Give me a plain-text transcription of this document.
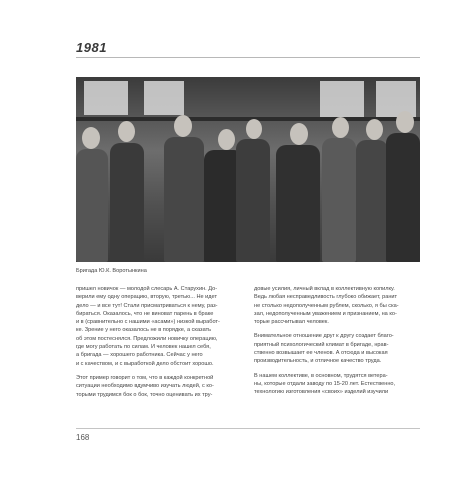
1981
Бригада Ю.К. Воротынкина

пришел новичок — молодой слесарь А. Старухин. До-
верили ему одну операцию, вторую, третью... Не идет
дело — и все тут! Стали присматриваться к нему, раз-
бираться. Оказалось, что не виноват парень в браке
и в (сравнительно с нашими «асами») низкой выработ-
ке. Зрение у него оказалось не в порядке, а сказать
об этом постеснялся. Предложили новичку операцию,
где могу работать по силам. И человек нашел себя,
а бригада — хорошего работника. Сейчас у него
и с качеством, и с выработкой дело обстоит хорошо.

Этот пример говорит о том, что в каждой конкретной
ситуации необходимо вдумчиво изучать людей, с ко-
торыми трудимся бок о бок, точно оценивать их тру-

довые усилия, личный вклад в коллективную копилку.
Ведь любая несправедливость глубоко обижает, ранит
не столько недополученным рублем, сколько, я бы ска-
зал, недополученным уважением и признанием, на ко-
торые рассчитывал человек.

Внимательное отношение друг к другу создает благо-
приятный психологический климат в бригаде, нрав-
ственно возвышает ее членов. А отсюда и высокая
производительность, и отличное качество труда.

В нашем коллективе, в основном, трудятся ветера-
ны, которые отдали заводу по 15-20 лет. Естественно,
технологию изготовления «своих» изделий изучили

168
